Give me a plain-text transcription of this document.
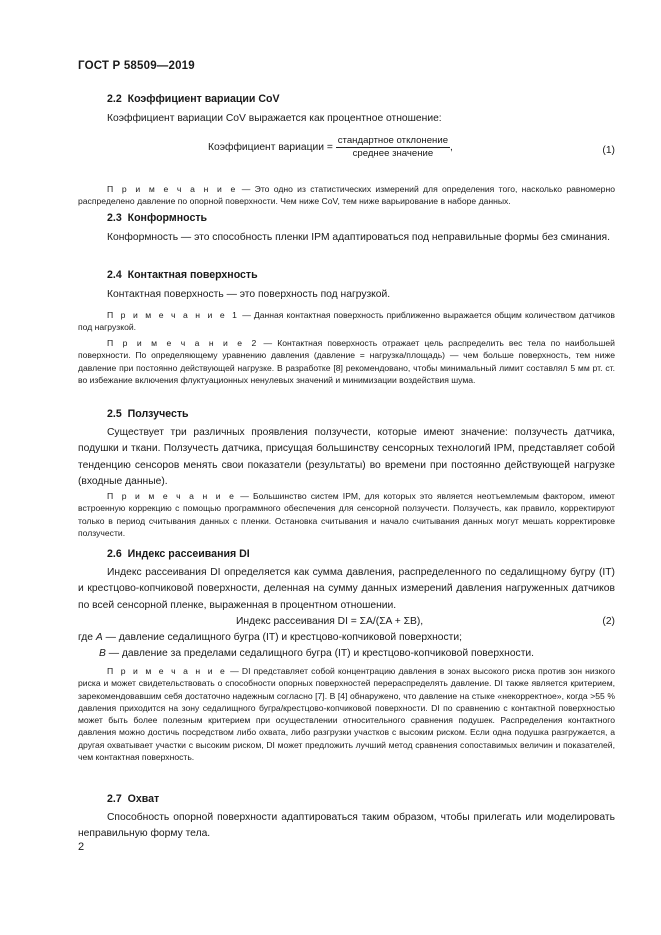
ГОСТ Р 58509—2019
2.2 Коэффициент вариации CoV
Коэффициент вариации CoV выражается как процентное отношение:
Коэффициент вариации = $\frac{\text{стандартное отклонение}}{\text{среднее значение}}$ ,	(1)
П р и м е ч а н и е — Это одно из статистических измерений для определения того, насколько равномерно распределено давление по опорной поверхности. Чем ниже CoV, тем ниже варьирование в наборе данных.
2.3 Конформность
Конформность — это способность пленки IPM адаптироваться под неправильные формы без сминания.
2.4 Контактная поверхность
Контактная поверхность — это поверхность под нагрузкой.
П р и м е ч а н и е 1 — Данная контактная поверхность приближенно выражается общим количеством датчиков под нагрузкой.
П р и м е ч а н и е 2 — Контактная поверхность отражает цель распределить вес тела по наибольшей поверхности. По определяющему уравнению давления (давление = нагрузка/площадь) — чем больше поверхность, тем ниже давление при постоянно действующей нагрузке. В разработке [8] рекомендовано, чтобы минимальный лимит составлял 5 мм рт. ст. во избежание включения флуктуационных ненулевых значений и минимизации воздействия шума.
2.5 Ползучесть
Существует три различных проявления ползучести, которые имеют значение: ползучесть датчика, подушки и ткани. Ползучесть датчика, присущая большинству сенсорных технологий IPM, представляет собой тенденцию сенсоров менять свои показатели (результаты) во времени при постоянно действующей нагрузке (входные данные).
П р и м е ч а н и е — Большинство систем IPM, для которых это является неотъемлемым фактором, имеют встроенную коррекцию с помощью программного обеспечения для сенсорной ползучести. Ползучесть, как правило, корректируют только в период считывания данных с пленки. Остановка считывания и начало считывания данных могут мешать корректировке ползучести.
2.6 Индекс рассеивания DI
Индекс рассеивания DI определяется как сумма давления, распределенного по седалищному бугру (IT) и крестцово-копчиковой поверхности, деленная на сумму данных измерений давления нагруженных датчиков по всей сенсорной пленке, выраженная в процентном отношении.
Индекс рассеивания DI = ΣA/(ΣA + ΣB),	(2)
где A — давление седалищного бугра (IT) и крестцово-копчиковой поверхности;
B — давление за пределами седалищного бугра (IT) и крестцово-копчиковой поверхности.
П р и м е ч а н и е — DI представляет собой концентрацию давления в зонах высокого риска против зон низкого риска и может свидетельствовать о способности опорных поверхностей перераспределять давление. DI также является критерием, зарекомендовавшим себя достаточно надежным согласно [7]. В [4] обнаружено, что давление на стыке «некорректное», когда >55 % давления приходится на зону седалищного бугра/крестцово-копчиковой поверхности. DI по сравнению с контактной поверхностью может быть более полезным критерием при осуществлении относительного сравнения подушек. Распределения контактного давления можно достичь посредством либо охвата, либо разгрузки участков с высоким риском. Если одна подушка разгружается, а другая охватывает участки с высоким риском, DI может предложить лучший метод сравнения сопоставимых величин и показателей, чем контактная поверхность.
2.7 Охват
Способность опорной поверхности адаптироваться таким образом, чтобы прилегать или моделировать неправильную форму тела.
2
